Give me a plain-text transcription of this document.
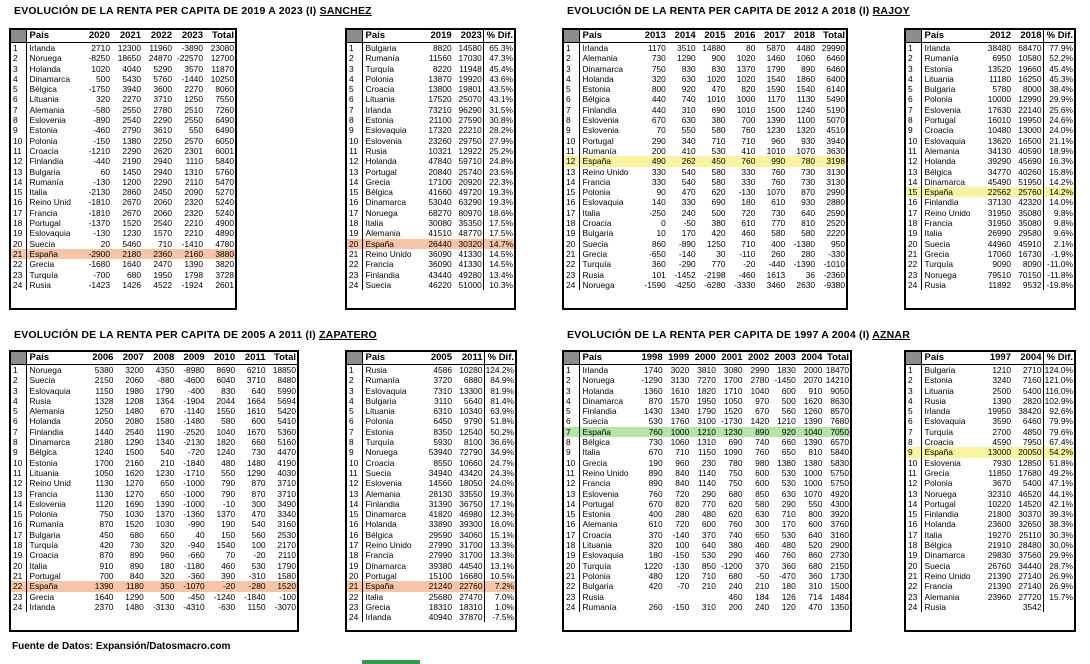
EVOLUCIÓN DE LA RENTA PER CAPITA DE 2019 A 2023 (I) SANCHEZ
	País	2020	2021	2022	2023	Total
1	Irlanda	2710	12300	11960	-3890	23080
2	Noruega	-8250	18650	24870	-22570	12700
3	Holanda	1020	4040	5290	3570	11870
4	Dinamarca	500	5430	5760	-1440	10250
5	Bélgica	-1750	3940	3600	2270	8060
6	Lituania	320	2270	3710	1250	7550
7	Alemania	-580	2550	2780	2510	7260
8	Eslovenia	-890	2540	2290	2550	6490
9	Estonia	-460	2790	3610	550	6490
10	Polonia	-150	1380	2250	2570	6050
11	Croacia	-1210	2290	2620	2301	6001
12	Finlandia	-440	2190	2940	1110	5840
13	Bulgaria	60	1450	2940	1310	5760
14	Rumanía	-130	1200	2290	2110	5470
15	Italia	-2130	2860	2450	2090	5270
16	Reino Unid	-1810	2670	2060	2320	5240
17	Francia	-1810	2670	2060	2320	5240
18	Portugal	-1370	1520	2540	2210	4900
19	Eslovaquia	-130	1230	1570	2210	4890
20	Suecia	20	5460	710	-1410	4780
21	España	-2900	2180	2360	2160	3880
22	Grecia	-1680	1640	2470	1390	3820
23	Turquía	-700	680	1950	1798	3728
24	Rusia	-1423	1426	4522	-1924	2601
	País	2019	2023	% Dif.
1	Bulgaria	8820	14580	65.3%
2	Rumanía	11560	17030	47.3%
3	Turquía	8220	11948	45.4%
4	Polonia	13870	19920	43.6%
5	Croacia	13800	19801	43.5%
6	Lituania	17520	25070	43.1%
7	Irlanda	73210	96290	31.5%
8	Estonia	21100	27590	30.8%
9	Eslovaquia	17320	22210	28.2%
10	Eslovenia	23260	29750	27.9%
11	Rusia	10321	12922	25.2%
12	Holanda	47840	59710	24.8%
13	Portugal	20840	25740	23.5%
14	Grecia	17100	20920	22.3%
15	Bélgica	41660	49720	19.3%
16	Dinamarca	53040	63290	19.3%
17	Noruega	68270	80970	18.6%
18	Italia	30080	35350	17.5%
19	Alemania	41510	48770	17.5%
20	España	26440	30320	14.7%
21	Reino Unido	36090	41330	14.5%
22	Francia	36090	41330	14.5%
23	Finlandia	43440	49280	13.4%
24	Suecia	46220	51000	10.3%
EVOLUCIÓN DE LA RENTA PER CAPITA DE 2012 A 2018 (I) RAJOY
	País	2013	2014	2015	2016	2017	2018	Total
1	Irlanda	1170	3510	14880	80	5870	4480	29990
2	Alemania	730	1290	900	1020	1460	1060	6460
3	Dinamarca	750	830	830	1370	1790	890	6460
4	Holanda	320	630	1020	1020	1540	1860	6400
5	Estonia	800	920	470	820	1590	1540	6140
6	Bélgica	440	740	1010	1000	1170	1130	5490
7	Finlandia	440	310	690	1010	1500	1240	5190
8	Eslovenia	670	630	380	700	1390	1100	5070
9	Eslovenia	70	550	580	760	1230	1320	4510
10	Portugal	290	340	710	710	960	930	3940
11	Rumanía	200	410	530	410	1010	1070	3630
12	España	490	262	450	760	990	780	3198
13	Reino Unido	330	540	580	330	760	730	3130
14	Francia	330	540	580	330	760	730	3130
15	Polonia	90	470	620	-130	1070	870	2990
16	Eslovaquia	140	330	690	180	610	930	2880
17	Italia	-250	240	500	720	730	640	2590
18	Croacia	0	-50	380	610	770	810	2520
19	Bulgaria	10	170	420	460	580	580	2220
20	Suecia	860	-890	1250	710	400	-1380	950
21	Grecia	-650	-140	30	-110	260	280	-330
22	Turquía	360	-290	770	-20	-440	-1390	-1010
23	Rusia	101	-1452	-2198	-460	1613	36	-2360
24	Noruega	-1590	-4250	-6280	-3330	3460	2630	-9380
	País	2012	2018	% Dif.
1	Irlanda	38480	68470	77.9%
2	Rumanía	6950	10580	52.2%
3	Estonia	13520	19660	45.4%
4	Lituania	11180	16250	45.3%
5	Bulgaria	5780	8000	38.4%
6	Polonia	10000	12990	29.9%
7	Eslovenia	17630	22140	25.6%
8	Portugal	16010	19950	24.6%
9	Croacia	10480	13000	24.0%
10	Eslovaquia	13620	16500	21.1%
11	Alemania	34130	40590	18.9%
12	Holanda	39290	45690	16.3%
13	Bélgica	34770	40260	15.8%
14	Dinamarca	45490	51950	14.2%
15	España	22562	25760	14.2%
16	Finlandia	37130	42320	14.0%
17	Reino Unido	31950	35080	9.8%
18	Francia	31950	35080	9.8%
19	Italia	26990	29580	9.6%
20	Suecia	44960	45910	2.1%
21	Grecia	17060	16730	-1.9%
22	Turquía	9090	8090	-11.0%
23	Noruega	79510	70150	-11.8%
24	Rusia	11892	9532	-19.8%
EVOLUCIÓN DE LA RENTA PER CAPITA DE 2005 A 2011 (I) ZAPATERO
	País	2006	2007	2008	2009	2010	2011	Total
1	Noruega	5380	3200	4350	-8980	8690	6210	18850
2	Suecia	2150	2060	-880	-4600	6040	3710	8480
3	Eslovaquia	1150	1980	1790	-400	830	640	5990
4	Rusia	1328	1208	1354	-1904	2044	1664	5694
5	Alemania	1250	1480	670	-1140	1550	1610	5420
6	Holanda	2050	2080	1580	-1480	580	600	5410
7	Finlandia	1440	2540	1190	-2520	1040	1670	5360
8	Dinamarca	2180	1290	1340	-2130	1820	660	5160
9	Bélgica	1240	1500	540	-720	1240	730	4470
10	Estonia	1700	2160	210	-1840	480	1480	4190
11	Lituania	1050	1620	1230	-1710	550	1290	4030
12	Reino Unid	1130	1270	650	-1000	790	870	3710
13	Francia	1130	1270	650	-1000	790	870	3710
14	Eslovenia	1120	1690	1390	-1000	-10	300	3490
15	Polonia	750	1030	1370	-1360	1370	470	3340
16	Rumanía	870	1520	1030	-990	190	540	3160
17	Bulgaria	450	680	650	40	150	560	2530
18	Turquía	420	730	320	-940	1540	100	2170
19	Croacia	870	890	960	-660	70	-20	2110
20	Italia	910	890	180	-1180	460	530	1790
21	Portugal	700	840	320	-360	390	-310	1580
22	España	1390	1180	350	-1070	-20	-280	1520
23	Grecia	1640	1290	500	-450	-1240	-1840	-100
24	Irlanda	2370	1480	-3130	-4310	-630	1150	-3070
	País	2005	2011	% Dif.
1	Rusia	4586	10280	124.2%
2	Rumanía	3720	6880	84.9%
3	Eslovaquia	7310	13300	81.9%
4	Bulgaria	3110	5640	81.4%
5	Lituania	6310	10340	63.9%
6	Polonia	6450	9790	51.8%
7	Estonia	8350	12540	50.2%
8	Turquía	5930	8100	36.6%
9	Noruega	53940	72790	34.9%
10	Croacia	8550	10660	24.7%
11	Suecia	34940	43420	24.3%
12	Eslovenia	14560	18050	24.0%
13	Alemania	28130	33550	19.3%
14	Finlandia	31390	36750	17.1%
15	Dinamarca	41820	46980	12.3%
16	Holanda	33890	39300	16.0%
16	Bélgica	29590	34060	15.1%
17	Reino Unido	27990	31700	13.3%
18	Francia	27990	31700	13.3%
19	Dinamarca	39380	44540	13.1%
20	Portugal	15100	16680	10.5%
21	España	21240	22760	7.2%
22	Italia	25680	27470	7.0%
23	Grecia	18310	18310	1.0%
24	Irlanda	40940	37870	-7.5%
EVOLUCIÓN DE LA RENTA PER CAPITA DE 1997 A 2004 (I) AZNAR
	País	1998	1999	2000	2001	2002	2003	2004	Total
1	Irlanda	1740	3020	3810	3080	2990	1830	2000	18470
2	Noruega	-1290	3130	7270	1700	2780	-1450	2070	14210
3	Holanda	1360	1610	1820	1710	1040	600	910	9050
4	Dinamarca	870	1570	1950	1050	970	500	1620	8630
5	Finlandia	1430	1340	1790	1520	670	560	1260	8570
6	Suecia	530	1760	3100	-1730	1420	1210	1390	7680
7	España	760	1000	1210	1230	890	920	1040	7050
8	Bélgica	730	1060	1310	690	740	660	1390	6570
9	Italia	670	710	1150	1090	760	650	810	5840
10	Grecia	190	960	230	780	980	1380	1380	5830
11	Reino Unido	890	840	1140	750	600	530	1000	5750
12	Francia	890	840	1140	750	600	530	1000	5750
13	Eslovenia	760	720	290	680	850	630	1070	4920
14	Portugal	670	820	770	620	580	290	550	4300
15	Estonia	400	280	480	620	630	710	800	3920
16	Alemania	610	720	600	760	300	170	600	3760
17	Croacia	370	-140	370	740	650	530	640	3160
18	Lituania	320	100	640	380	460	480	520	2900
19	Eslovaquia	180	-150	530	290	460	760	860	2730
20	Turquía	1220	-130	850	-1200	370	360	680	2150
21	Polonia	480	120	710	680	-50	-470	360	1730
22	Bulgaria	420	-70	210	240	210	180	310	1500
23	Rusia				460	184	126	714	1484
24	Rumanía	260	-150	310	200	240	120	470	1350
	País	1997	2004	% Dif.
1	Bulgaria	1210	2710	124.0%
2	Estonia	3240	7160	121.0%
3	Lituania	2500	5400	116.0%
4	Rusia	1390	2820	102.9%
5	Irlanda	19950	38420	92.6%
6	Eslovaquia	3590	6460	79.9%
7	Turquía	2700	4850	79.6%
8	Croacia	4590	7950	67.4%
9	España	13000	20050	54.2%
10	Eslovenia	7930	12850	51.8%
11	Grecia	11850	17680	49.2%
12	Polonia	3670	5400	47.1%
13	Noruega	32310	46520	44.1%
14	Portugal	10220	14520	42.1%
15	Finlandia	21800	30370	39.3%
16	Holanda	23600	32650	38.3%
17	Italia	19270	25110	30.3%
18	Bélgica	21910	28480	30.0%
19	Dinamarca	29830	37560	29.9%
20	Suecia	26760	34440	28.7%
21	Reino Unido	21390	27140	26.9%
22	Francia	21390	27140	26.9%
23	Alemania	23960	27720	15.7%
24	Rusia		3542	
Fuente de Datos: Expansión/Datosmacro.com
